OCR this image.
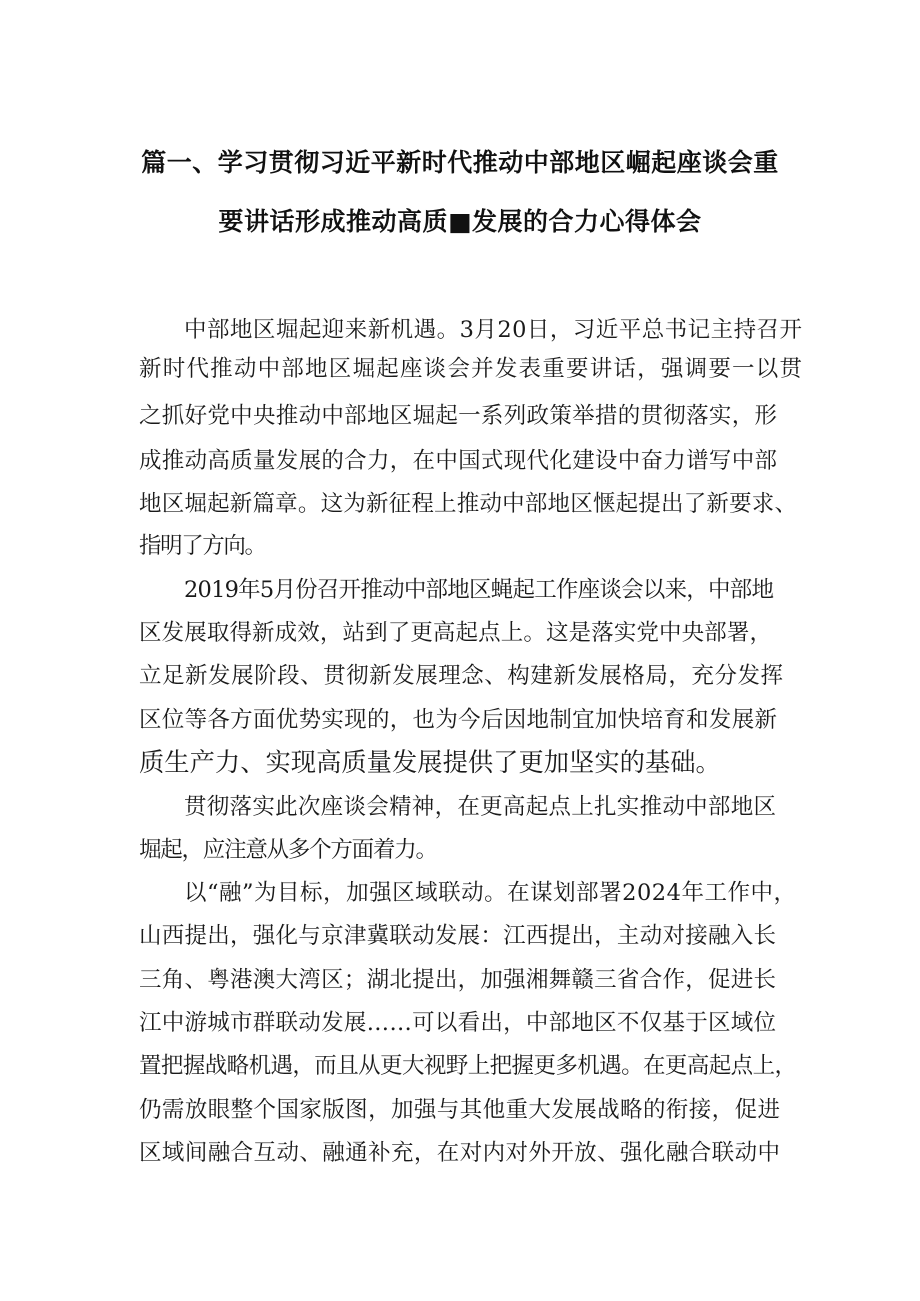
篇一、学习贯彻习近平新时代推动中部地区崛起座谈会重
要讲话形成推动高质■发展的合力心得体会
中部地区堀起迎来新机遇。3月20日，习近平总书记主持召开
新时代推动中部地区堀起座谈会并发表重要讲话，强调要一以贯
之抓好党中央推动中部地区堀起一系列政策举措的贯彻落实，形
成推动高质量发展的合力，在中国式现代化建设中奋力谱写中部
地区堀起新篇章。这为新征程上推动中部地区惬起提出了新要求、
指明了方向。
2019年5月份召开推动中部地区蝇起工作座谈会以来，中部地
区发展取得新成效，站到了更高起点上。这是落实党中央部署，
立足新发展阶段、贯彻新发展理念、构建新发展格局，充分发挥
区位等各方面优势实现的，也为今后因地制宜加快培育和发展新
质生产力、实现高质量发展提供了更加坚实的基础。
贯彻落实此次座谈会精神，在更高起点上扎实推动中部地区
堀起，应注意从多个方面着力。
以“融”为目标，加强区域联动。在谋划部署2024年工作中，
山西提出，强化与京津冀联动发展：江西提出，主动对接融入长
三角、粤港澳大湾区；湖北提出，加强湘舞赣三省合作，促进长
江中游城市群联动发展……可以看出，中部地区不仅基于区域位
置把握战略机遇，而且从更大视野上把握更多机遇。在更高起点上，
仍需放眼整个国家版图，加强与其他重大发展战略的衔接，促进
区域间融合互动、融通补充，在对内对外开放、强化融合联动中
